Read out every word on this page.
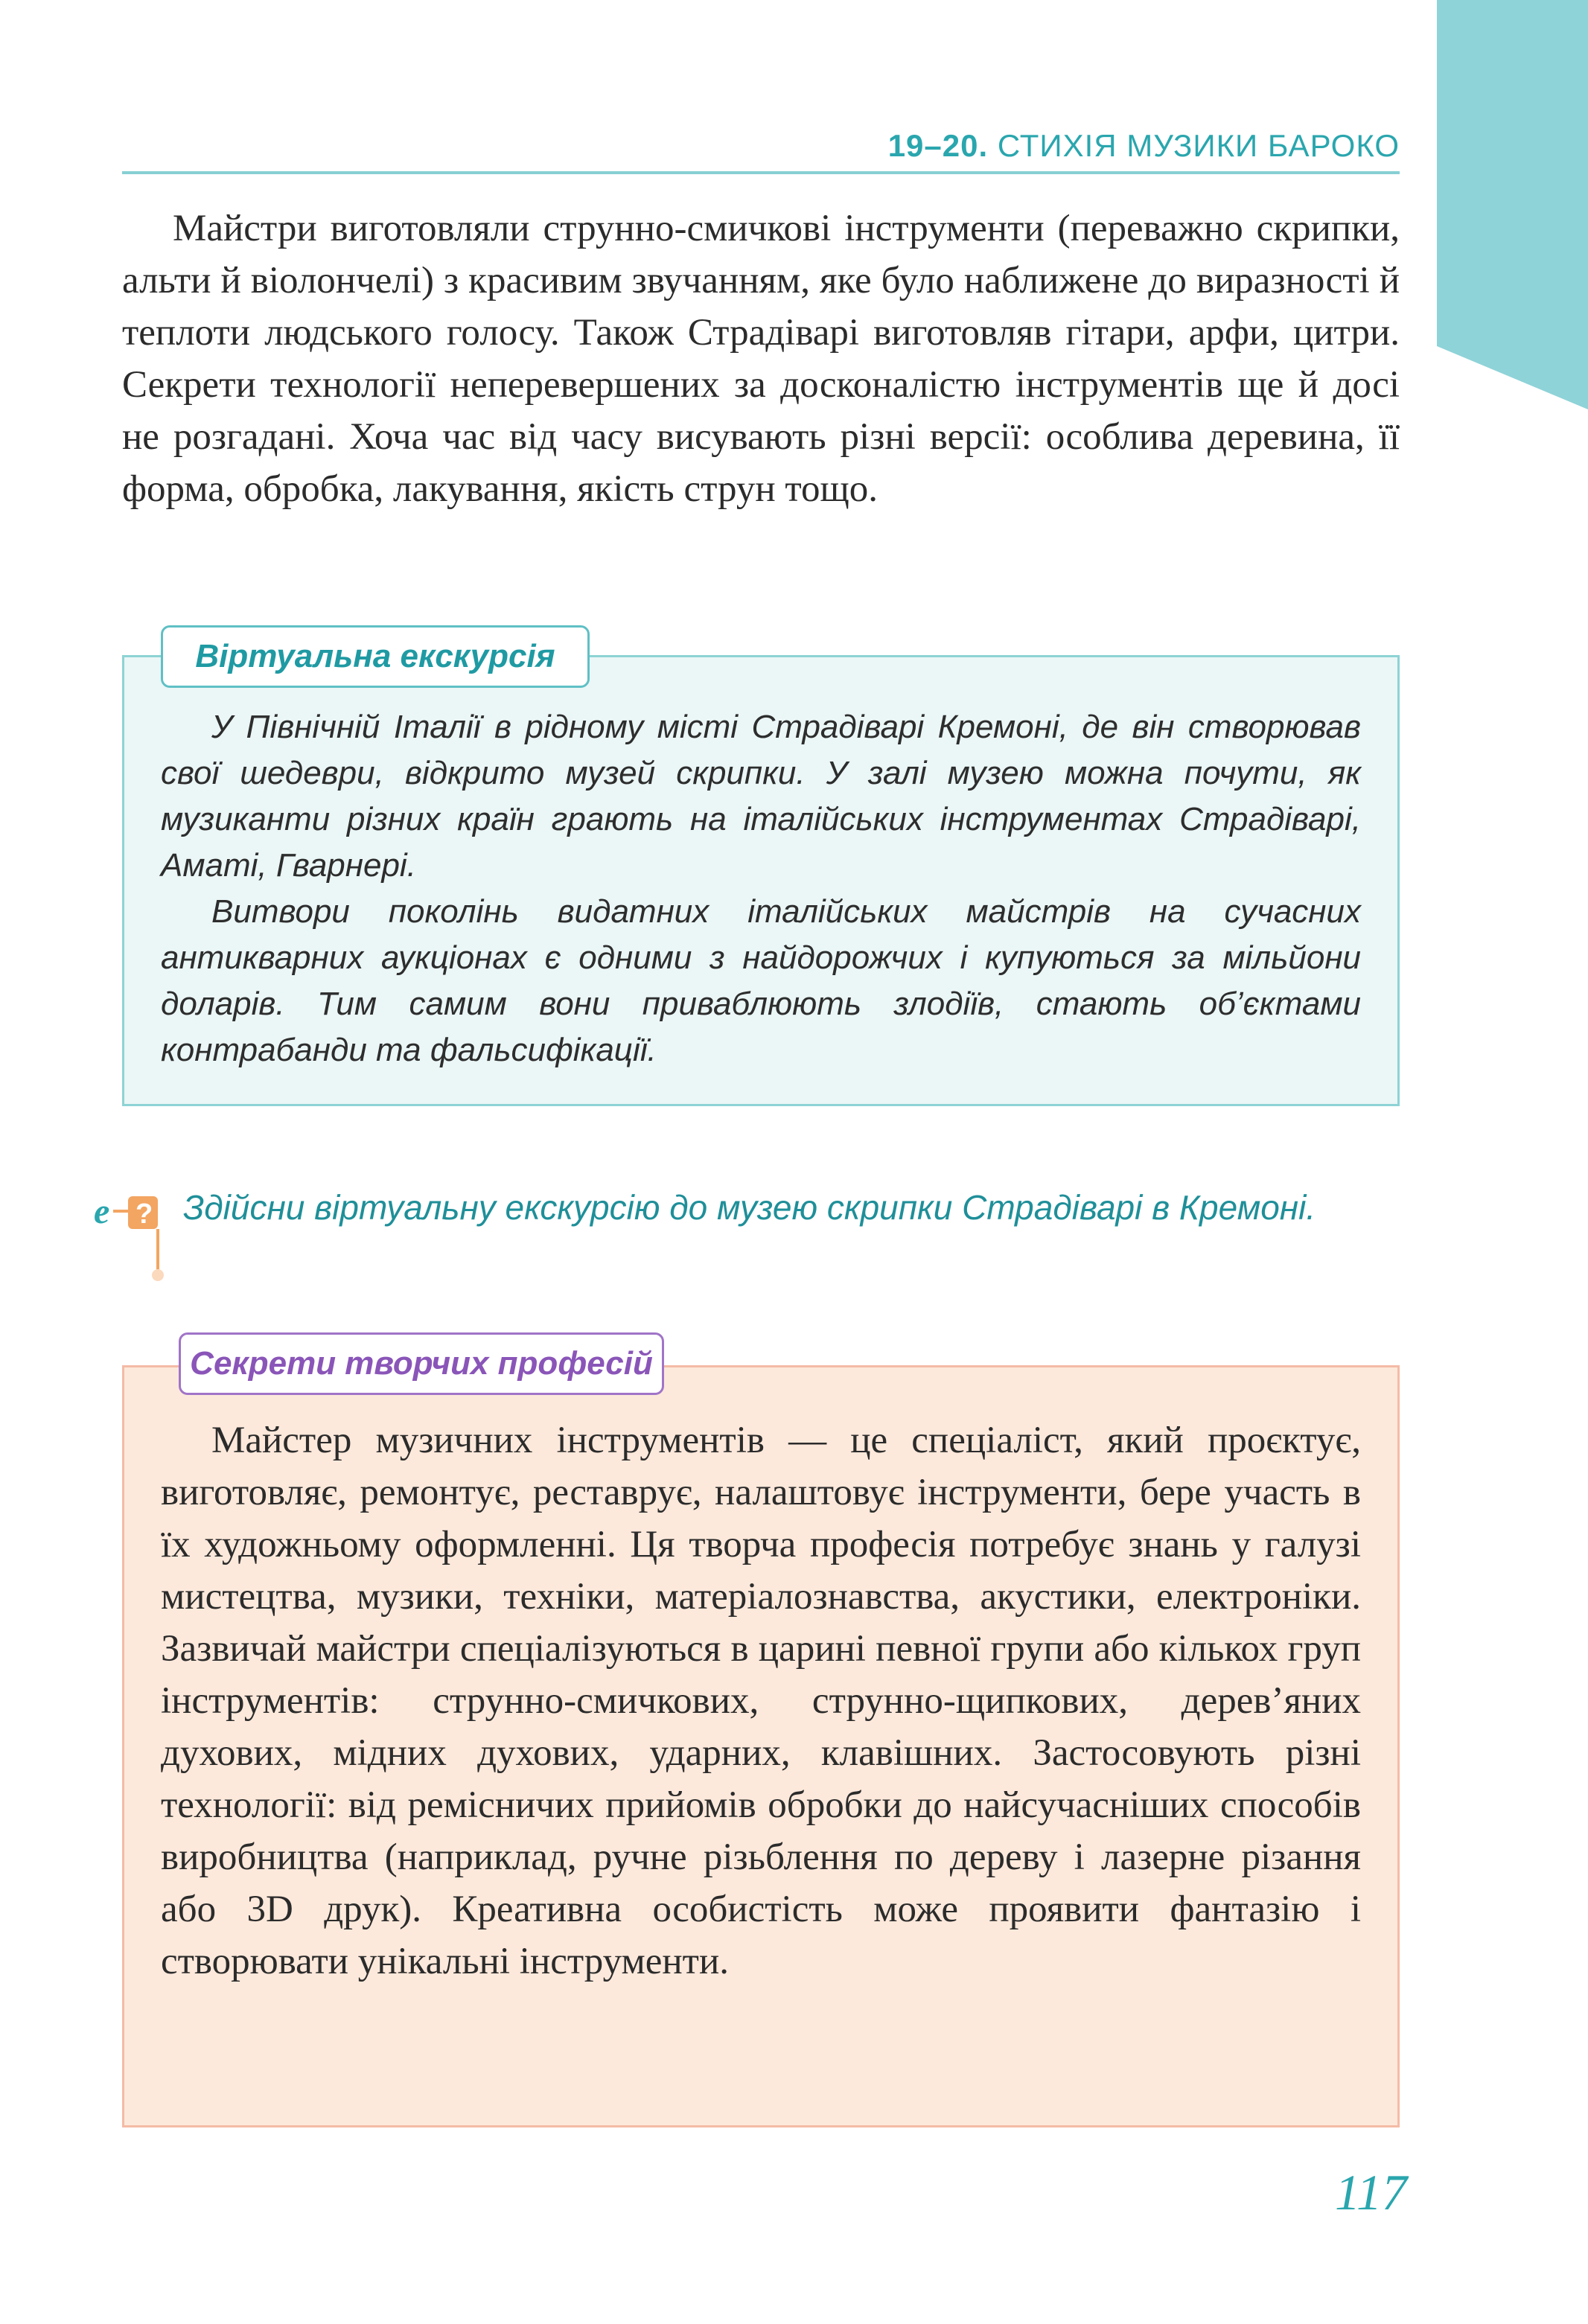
19–20. СТИХІЯ МУЗИКИ БАРОКО

Майстри виготовляли струнно-смичкові інструменти (переважно скрипки, альти й віолончелі) з красивим звучанням, яке було наближене до виразності й теплоти людського голосу. Також Страдіварі виготовляв гітари, арфи, цитри. Секрети технології неперевершених за досконалістю інструментів ще й досі не розгадані. Хоча час від часу висувають різні версії: особлива деревина, її форма, обробка, лакування, якість струн тощо.

Віртуальна екскурсія

У Північній Італії в рідному місті Страдіварі Кремоні, де він створював свої шедеври, відкрито музей скрипки. У залі музею можна почути, як музиканти різних країн грають на італійських інструментах Страдіварі, Аматі, Гварнері.

Витвори поколінь видатних італійських майстрів на сучасних антикварних аукціонах є одними з найдорожчих і купуються за мільйони доларів. Тим самим вони приваблюють злодіїв, стають об’єктами контрабанди та фальсифікації.

e ? Здійсни віртуальну екскурсію до музею скрипки Страдіварі в Кремоні.

Секрети творчих професій

Майстер музичних інструментів — це спеціаліст, який проєктує, виготовляє, ремонтує, реставрує, налаштовує інструменти, бере участь в їх художньому оформленні. Ця творча професія потребує знань у галузі мистецтва, музики, техніки, матеріалознавства, акустики, електроніки. Зазвичай майстри спеціалізуються в царині певної групи або кількох груп інструментів: струнно-смичкових, струнно-щипкових, дерев’яних духових, мідних духових, ударних, клавішних. Застосовують різні технології: від ремісничих прийомів обробки до найсучасніших способів виробництва (наприклад, ручне різьблення по дереву і лазерне різання або 3D друк). Креативна особистість може проявити фантазію і створювати унікальні інструменти.

117
